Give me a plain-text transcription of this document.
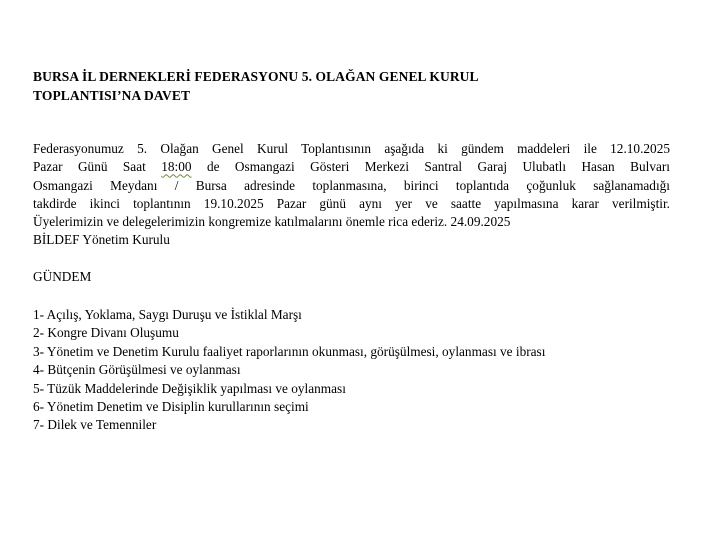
BURSA İL DERNEKLERİ FEDERASYONU 5. OLAĞAN GENEL KURUL
TOPLANTISI’NA DAVET
Federasyonumuz 5. Olağan Genel Kurul Toplantısının aşağıda ki gündem maddeleri ile 12.10.2025
Pazar Günü Saat 18:00 de Osmangazi Gösteri Merkezi Santral Garaj Ulubatlı Hasan Bulvarı
Osmangazi Meydanı / Bursa adresinde toplanmasına, birinci toplantıda çoğunluk sağlanamadığı
takdirde ikinci toplantının 19.10.2025 Pazar günü aynı yer ve saatte yapılmasına karar verilmiştir.
Üyelerimizin ve delegelerimizin kongremize katılmalarını önemle rica ederiz. 24.09.2025
BİLDEF Yönetim Kurulu
GÜNDEM
1- Açılış, Yoklama, Saygı Duruşu ve İstiklal Marşı
2- Kongre Divanı Oluşumu
3- Yönetim ve Denetim Kurulu faaliyet raporlarının okunması, görüşülmesi, oylanması ve ibrası
4- Bütçenin Görüşülmesi ve oylanması
5- Tüzük Maddelerinde Değişiklik yapılması ve oylanması
6- Yönetim Denetim ve Disiplin kurullarının seçimi
7- Dilek ve Temenniler
